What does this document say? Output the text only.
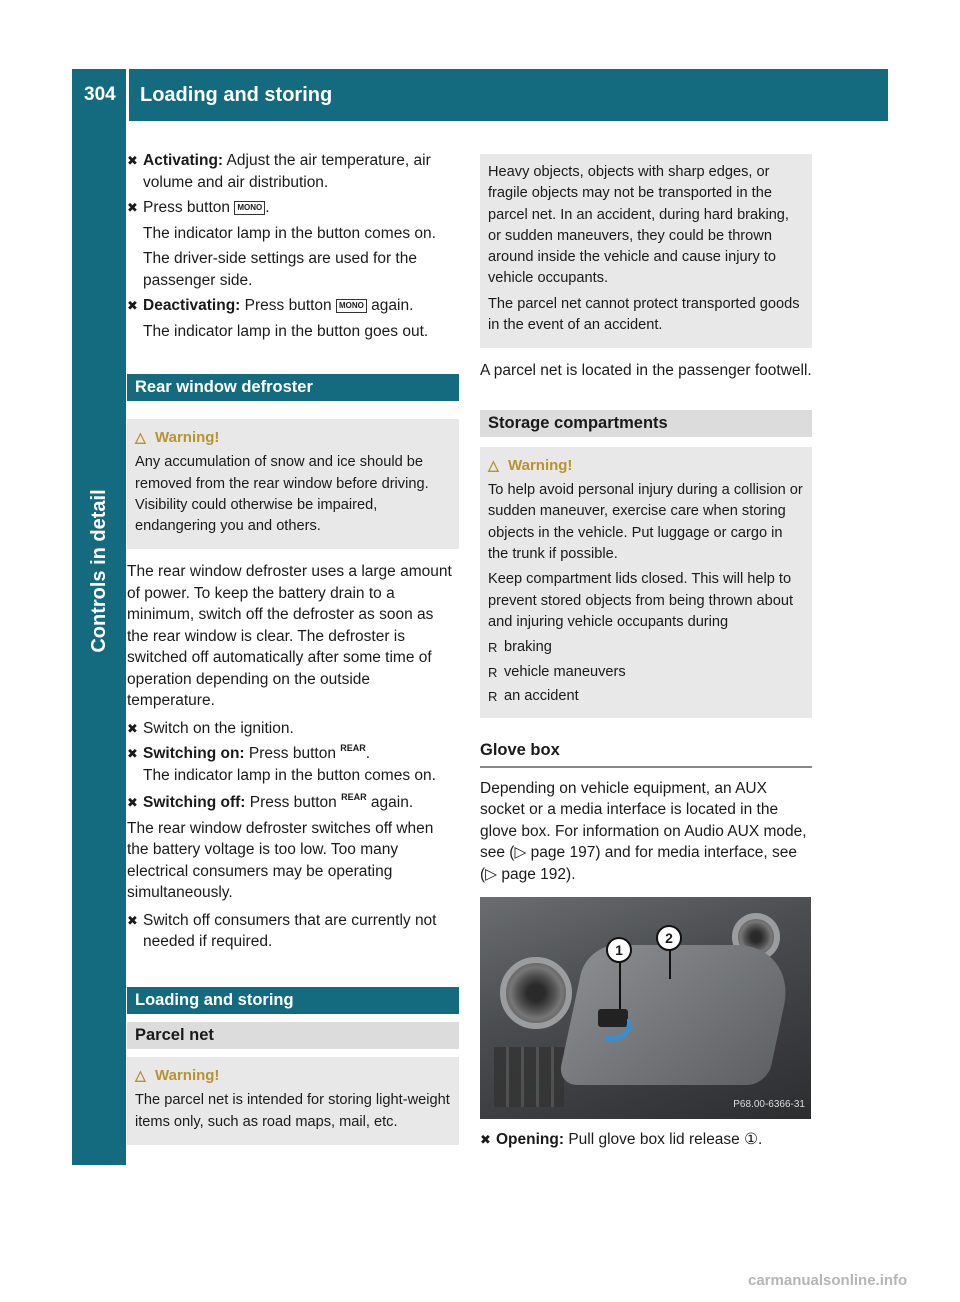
304	Loading and storing
Controls in detail
✖ Activating: Adjust the air temperature, air volume and air distribution.
✖ Press button MONO .
The indicator lamp in the button comes on.
The driver-side settings are used for the passenger side.
✖ Deactivating: Press button MONO again.
The indicator lamp in the button goes out.
Rear window defroster
△ Warning!

Any accumulation of snow and ice should be removed from the rear window before driving. Visibility could otherwise be impaired, endangering you and others.

The rear window defroster uses a large amount of power. To keep the battery drain to a minimum, switch off the defroster as soon as the rear window is clear. The defroster is switched off automatically after some time of operation depending on the outside temperature.

✖ Switch on the ignition.
✖ Switching on: Press button REAR.
The indicator lamp in the button comes on.
✖ Switching off: Press button REAR again.

The rear window defroster switches off when the battery voltage is too low. Too many electrical consumers may be operating simultaneously.

✖ Switch off consumers that are currently not needed if required.
Loading and storing
Parcel net
△ Warning!

The parcel net is intended for storing light-weight items only, such as road maps, mail, etc.

Heavy objects, objects with sharp edges, or fragile objects may not be transported in the parcel net. In an accident, during hard braking, or sudden maneuvers, they could be thrown around inside the vehicle and cause injury to vehicle occupants.

The parcel net cannot protect transported goods in the event of an accident.

A parcel net is located in the passenger footwell.

Storage compartments
△ Warning!

To help avoid personal injury during a collision or sudden maneuver, exercise care when storing objects in the vehicle. Put luggage or cargo in the trunk if possible.

Keep compartment lids closed. This will help to prevent stored objects from being thrown about and injuring vehicle occupants during

R braking
R vehicle maneuvers
R an accident
Glove box

Depending on vehicle equipment, an AUX socket or a media interface is located in the glove box. For information on Audio AUX mode, see (▷ page 197) and for media interface, see (▷ page 192).

1
2
P68.00-6366-31
✖ Opening: Pull glove box lid release ①.
carmanualsonline.info
